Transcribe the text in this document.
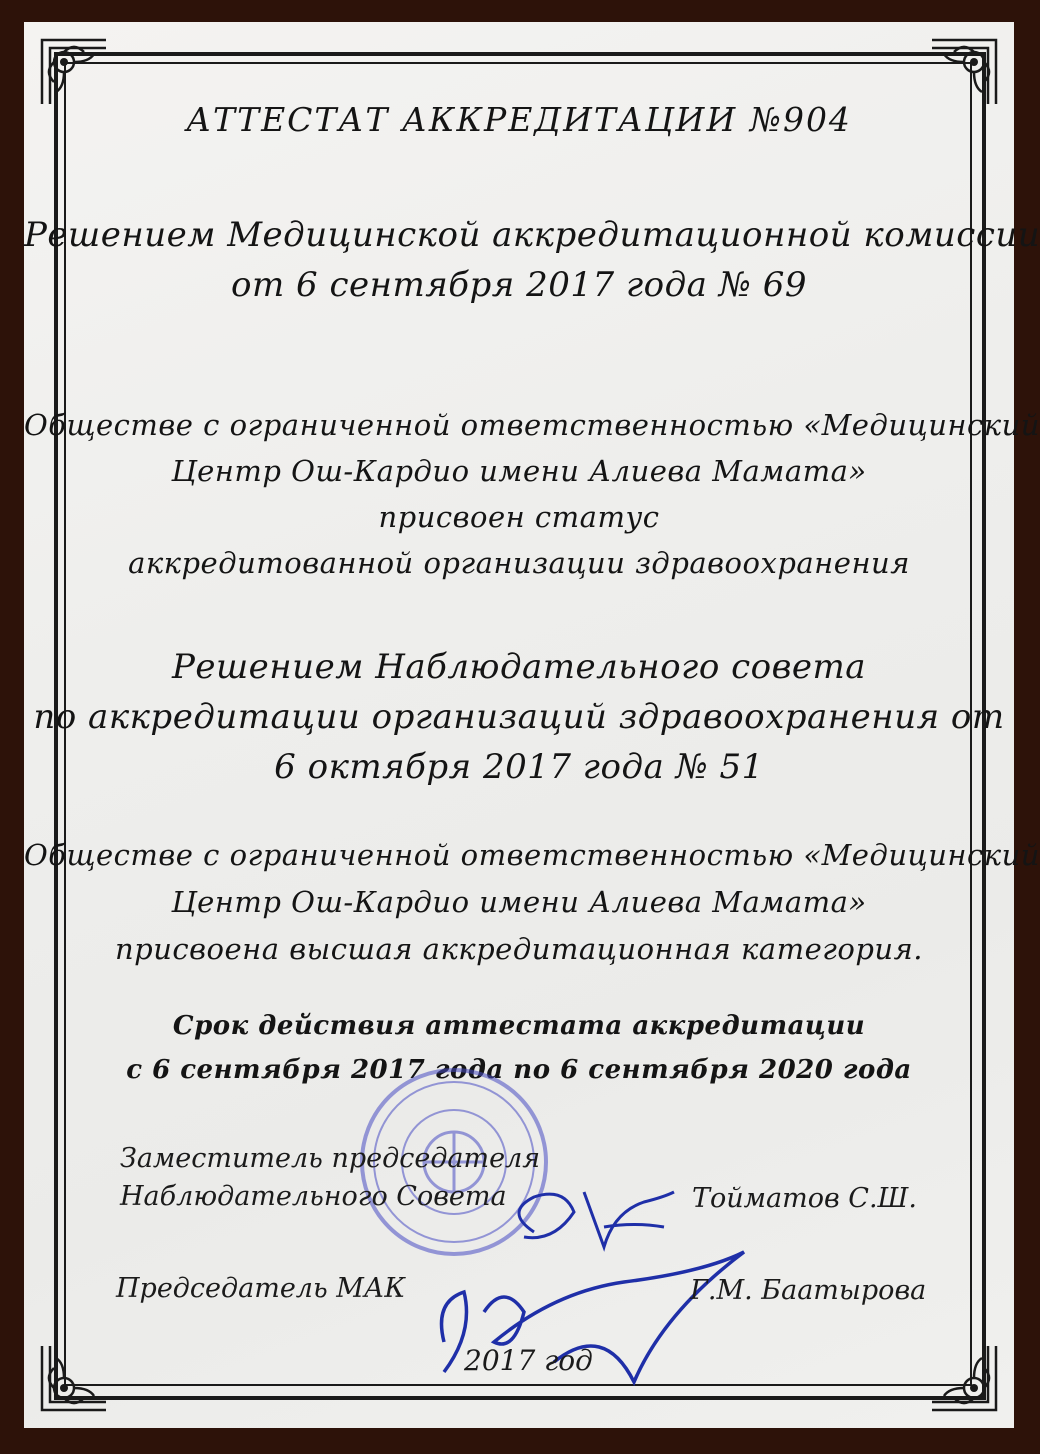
АТТЕСТАТ АККРЕДИТАЦИИ №904
Решением Медицинской аккредитационной комиссии
от 6 сентября 2017 года № 69
Обществе с ограниченной ответственностью «Медицинский
Центр Ош-Кардио имени Алиева Мамата»
присвоен статус
аккредитованной организации здравоохранения
Решением Наблюдательного совета
по аккредитации организаций здравоохранения от
6 октября 2017 года № 51
Обществе с ограниченной ответственностью «Медицинский
Центр Ош-Кардио имени Алиева Мамата»
присвоена высшая аккредитационная категория.
Срок действия аттестата аккредитации
с 6 сентября 2017 года по 6 сентября 2020 года
Заместитель председателя
Наблюдательного Совета	Тоймaтов С.Ш.
Председатель МАК	Г.М. Баатырова
2017 год
